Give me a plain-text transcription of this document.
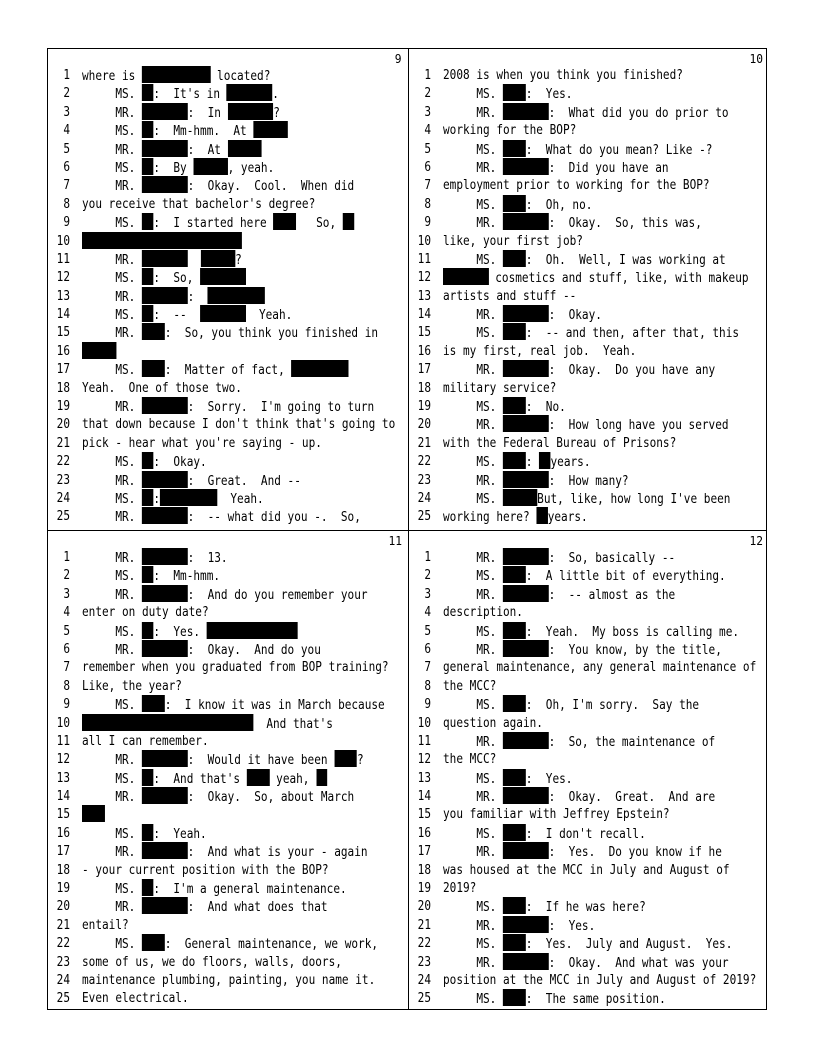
9
1 where is	located?
2 MS. :  It's in	.
3 MR.	:  In	?
4 MS. :  Mm-hmm.  At
5 MR.	:  At
6 MS. :  By	, yeah.
7 MR.	:  Okay.  Cool.  When did
8 you receive that bachelor's degree?
9 MS. :  I started here    So,
10
11 MR.	?
12 MS. :  So,
13 MR.	:
14 MS. :  --	Yeah.
15 MR. :  So, you think you finished in
16
17 MS. :  Matter of fact,
18 Yeah.  One of those two.
19 MR.	:  Sorry.  I'm going to turn
20 that down because I don't think that's going to
21 pick - hear what you're saying - up.
22 MS. :  Okay.
23 MR.	:  Great.  And --
24 MS. :	Yeah.
25 MR.	:  -- what did you -.  So,
10
1 2008 is when you think you finished?
2 MS. :  Yes.
3 MR.	:  What did you do prior to
4 working for the BOP?
5 MS. :  What do you mean? Like -?
6 MR.	:  Did you have an
7 employment prior to working for the BOP?
8 MS. :  Oh, no.
9 MR.	:  Okay.  So, this was,
10 like, your first job?
11 MS. :  Oh.  Well, I was working at
12	cosmetics and stuff, like, with makeup
13 artists and stuff --
14 MR.	:  Okay.
15 MS. :  -- and then, after that, this
16 is my first, real job.  Yeah.
17 MR.	:  Okay.  Do you have any
18 military service?
19 MS. :  No.
20 MR.	:  How long have you served
21 with the Federal Bureau of Prisons?
22 MS. : years.
23 MR.	:  How many?
24 MS.	But, like, how long I've been
25 working here? years.
11
1 MR.	:  13.
2 MS. :  Mm-hmm.
3 MR.	:  And do you remember your
4 enter on duty date?
5 MS. :  Yes.
6 MR.	:  Okay.  And do you
7 remember when you graduated from BOP training?
8 Like, the year?
9 MS. :  I know it was in March because
10	And that's
11 all I can remember.
12 MR.	:  Would it have been ?
13 MS. :  And that's  yeah,
14 MR.	:  Okay.  So, about March
15
16 MS. :  Yeah.
17 MR.	:  And what is your - again
18 - your current position with the BOP?
19 MS. :  I'm a general maintenance.
20 MR.	:  And what does that
21 entail?
22 MS. :  General maintenance, we work,
23 some of us, we do floors, walls, doors,
24 maintenance plumbing, painting, you name it.
25 Even electrical.
12
1 MR.	:  So, basically --
2 MS. :  A little bit of everything.
3 MR.	:  -- almost as the
4 description.
5 MS. :  Yeah.  My boss is calling me.
6 MR.	:  You know, by the title,
7 general maintenance, any general maintenance of
8 the MCC?
9 MS. :  Oh, I'm sorry.  Say the
10 question again.
11 MR.	:  So, the maintenance of
12 the MCC?
13 MS. :  Yes.
14 MR.	:  Okay.  Great.  And are
15 you familiar with Jeffrey Epstein?
16 MS. :  I don't recall.
17 MR.	:  Yes.  Do you know if he
18 was housed at the MCC in July and August of
19 2019?
20 MS. :  If he was here?
21 MR.	:  Yes.
22 MS. :  Yes.  July and August.  Yes.
23 MR.	:  Okay.  And what was your
24 position at the MCC in July and August of 2019?
25 MS. :  The same position.
